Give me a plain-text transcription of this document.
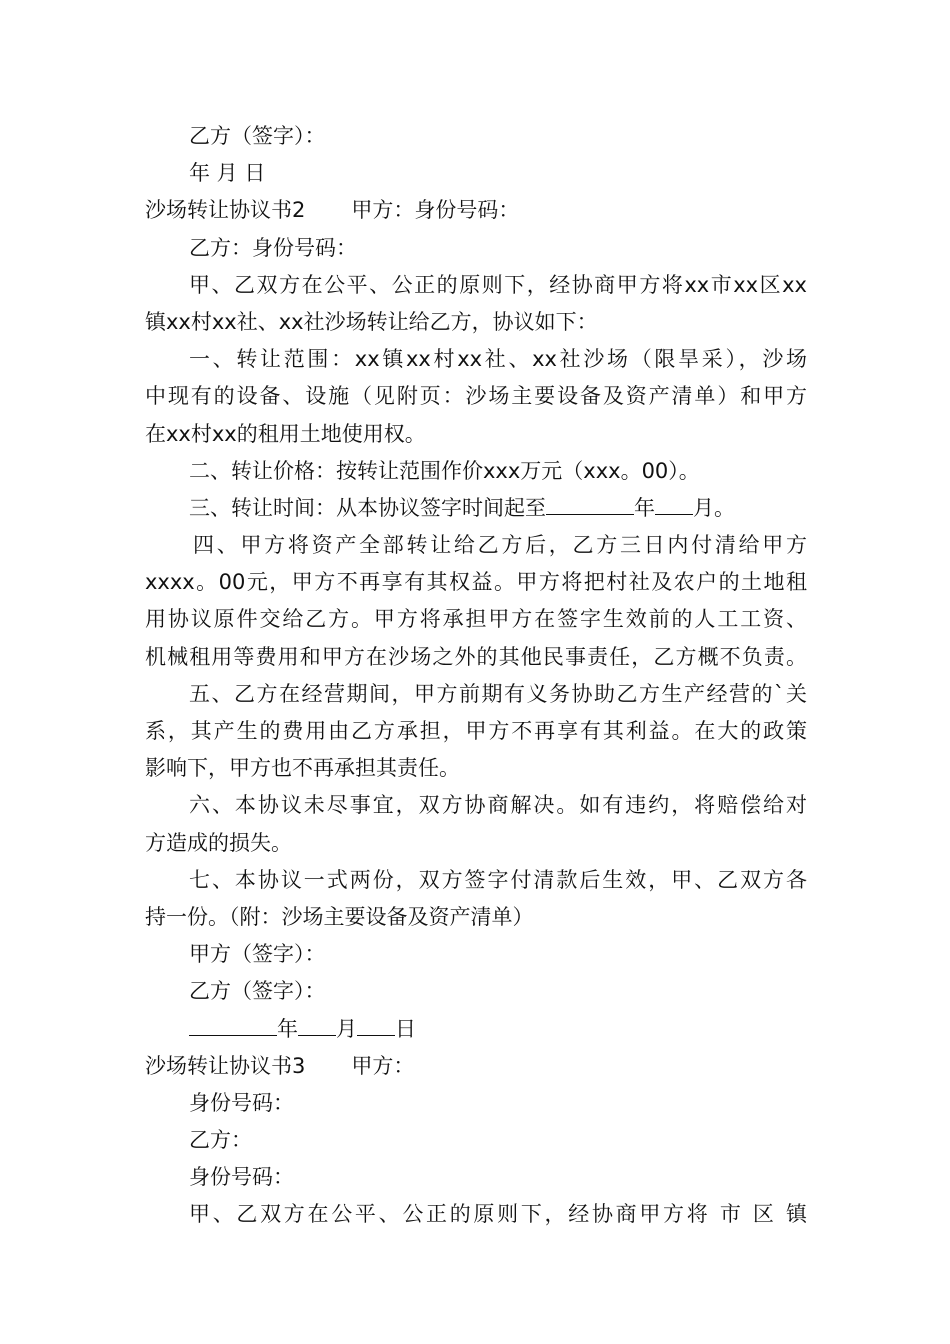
乙方（签字）：
年 月 日
沙场转让协议书2 甲方：身份号码：
乙方：身份号码：
甲、乙双方在公平、公正的原则下，经协商甲方将xx市xx区xx
镇xx村xx社、xx社沙场转让给乙方，协议如下：
一、转让范围：xx镇xx村xx社、xx社沙场（限旱采），沙场
中现有的设备、设施（见附页：沙场主要设备及资产清单）和甲方
在xx村xx的租用土地使用权。
二、转让价格：按转让范围作价xxx万元（xxx。00）。
三、转让时间：从本协议签字时间起至	年 月。
四、甲方将资产全部转让给乙方后，乙方三日内付清给甲方
xxxx。00元，甲方不再享有其权益。甲方将把村社及农户的土地租
用协议原件交给乙方。甲方将承担甲方在签字生效前的人工工资、
机械租用等费用和甲方在沙场之外的其他民事责任，乙方概不负责。
五、乙方在经营期间，甲方前期有义务协助乙方生产经营的`关
系，其产生的费用由乙方承担，甲方不再享有其利益。在大的政策
影响下，甲方也不再承担其责任。
六、本协议未尽事宜，双方协商解决。如有违约，将赔偿给对
方造成的损失。
七、本协议一式两份，双方签字付清款后生效，甲、乙双方各
持一份。（附：沙场主要设备及资产清单）
甲方（签字）：
乙方（签字）：
年 月 日
沙场转让协议书3 甲方：
身份号码：
乙方：
身份号码：
甲、乙双方在公平、公正的原则下，经协商甲方将 市 区 镇
